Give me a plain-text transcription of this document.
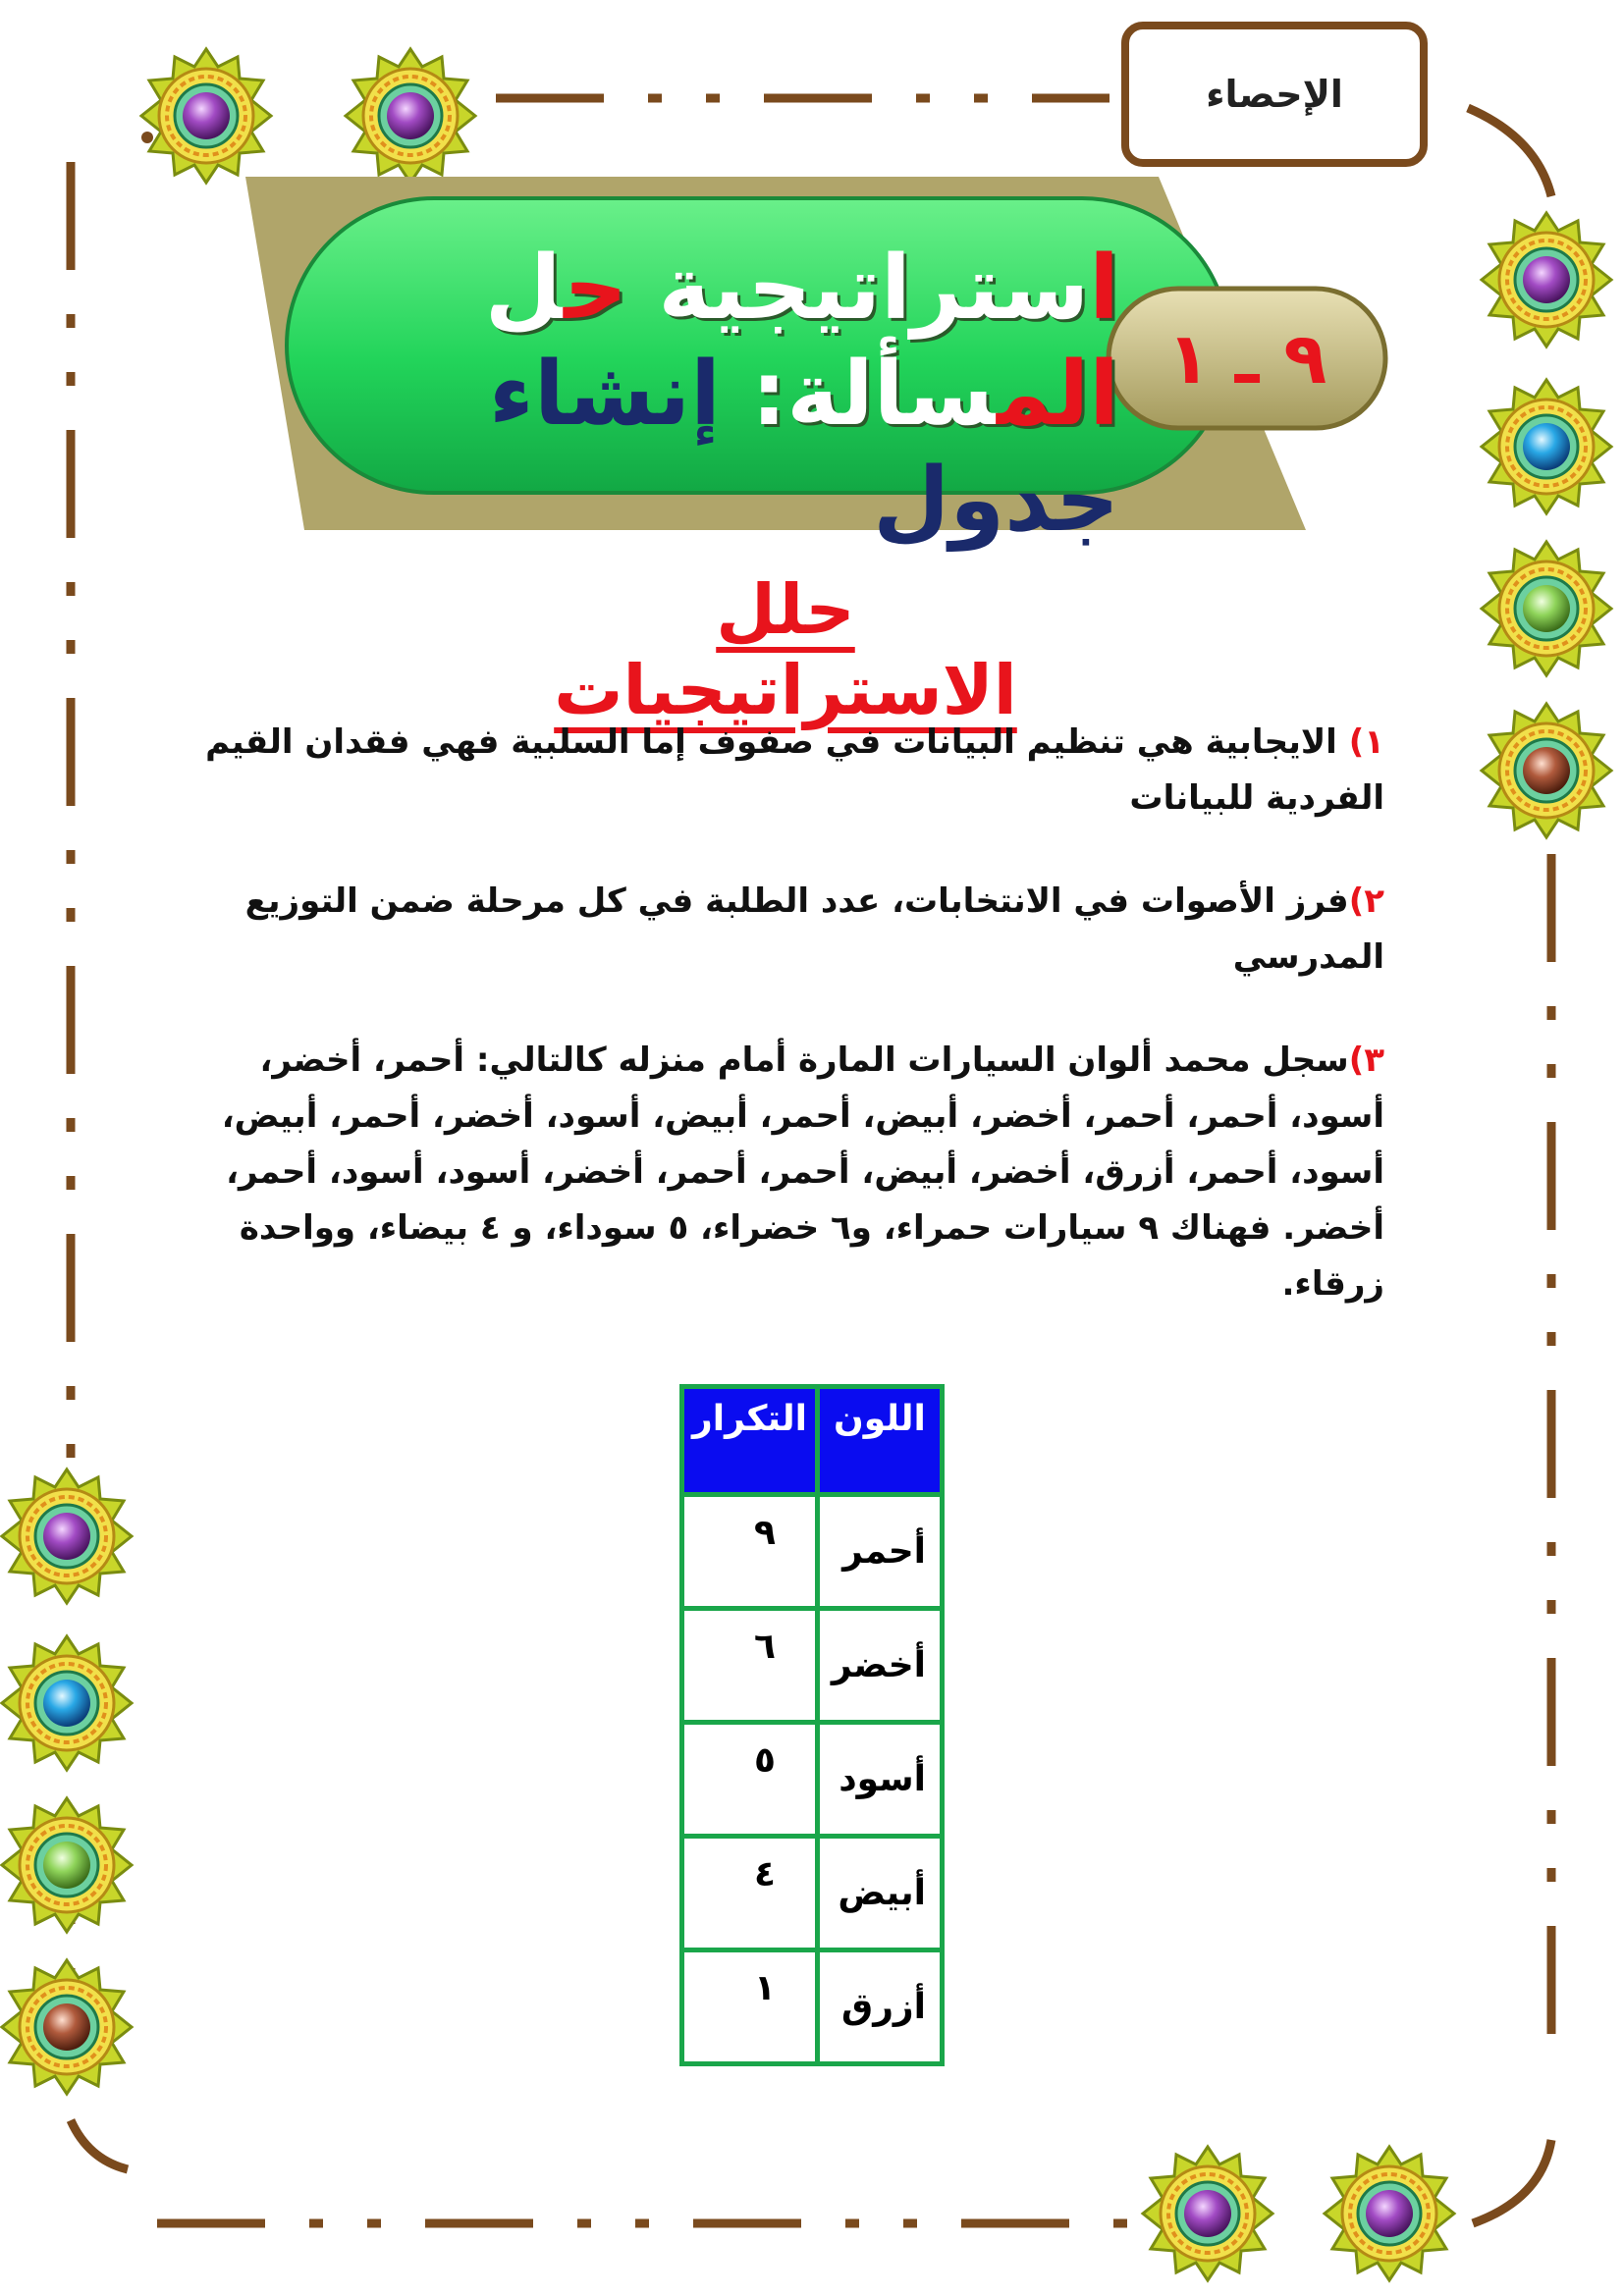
الإحصاء
٩ ـ ١
استراتيجية حل
المسألة: إنشاء جدول
حلل الاستراتيجيات
١) الايجابية هي تنظيم البيانات في صفوف إما السلبية فهي فقدان القيم الفردية للبيانات
٢)فرز الأصوات في الانتخابات، عدد الطلبة في كل مرحلة ضمن التوزيع المدرسي
٣)سجل محمد ألوان السيارات المارة أمام منزله كالتالي: أحمر، أخضر، أسود، أحمر، أحمر، أخضر، أبيض، أحمر، أبيض، أسود، أخضر، أحمر، أبيض، أسود، أحمر، أزرق، أخضر، أبيض، أحمر، أحمر، أخضر، أسود، أسود، أحمر، أخضر. فهناك ٩ سيارات حمراء، و٦ خضراء، ٥ سوداء، و ٤ بيضاء، وواحدة زرقاء.
اللون	التكرار
أحمر	٩
أخضر	٦
أسود	٥
أبيض	٤
أزرق	١
